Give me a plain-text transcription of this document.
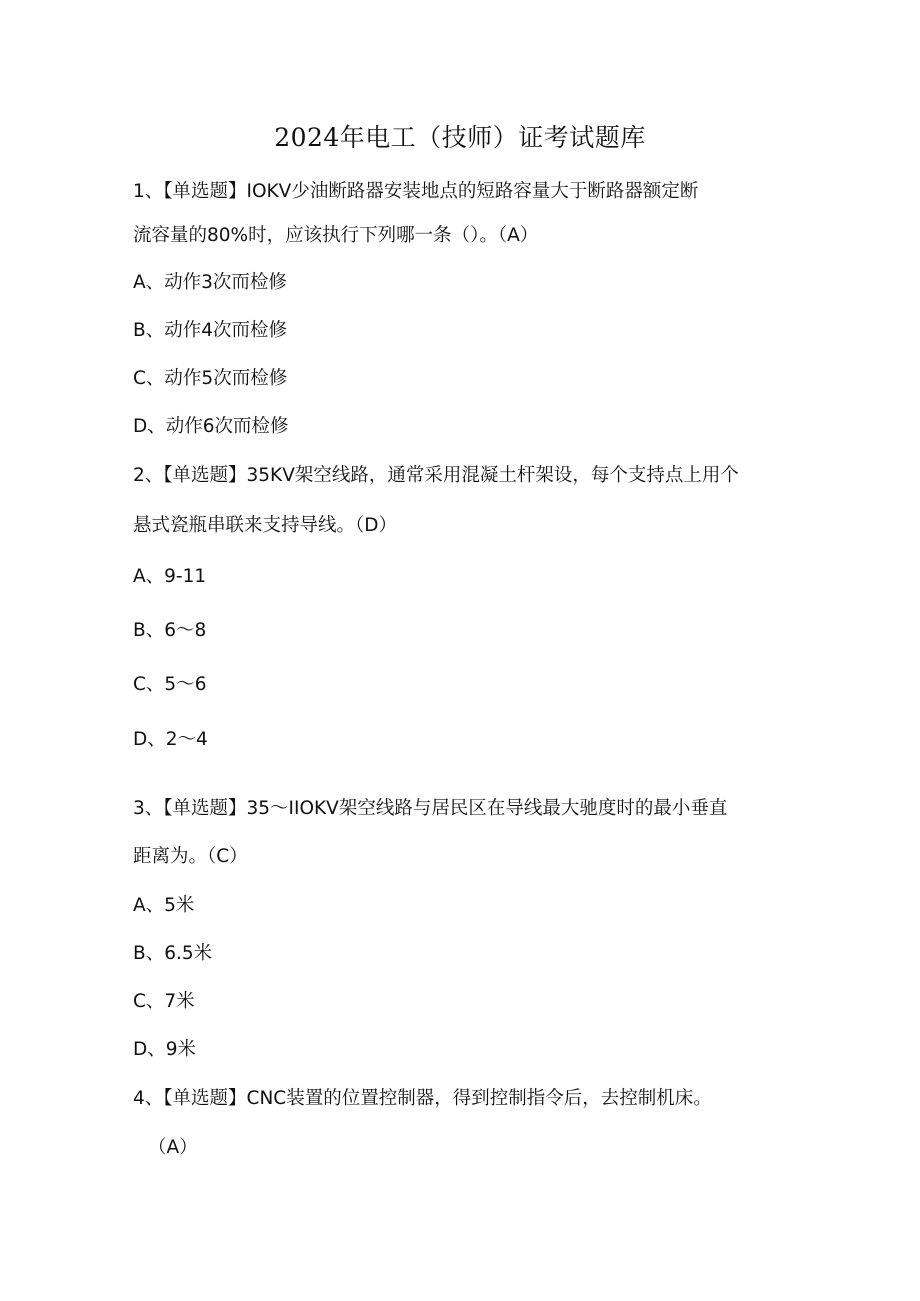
2024年电工（技师）证考试题库
1、【单选题】IOKV少油断路器安装地点的短路容量大于断路器额定断
流容量的80%时，应该执行下列哪一条（）。（A）
A、动作3次而检修
B、动作4次而检修
C、动作5次而检修
D、动作6次而检修
2、【单选题】35KV架空线路，通常采用混凝土杆架设，每个支持点上用个
悬式瓷瓶串联来支持导线。（D）
A、9-11
B、6～8
C、5～6
D、2～4
3、【单选题】35～IIOKV架空线路与居民区在导线最大驰度时的最小垂直
距离为。（C）
A、5米
B、6.5米
C、7米
D、9米
4、【单选题】CNC装置的位置控制器，得到控制指令后，去控制机床。
（A）
